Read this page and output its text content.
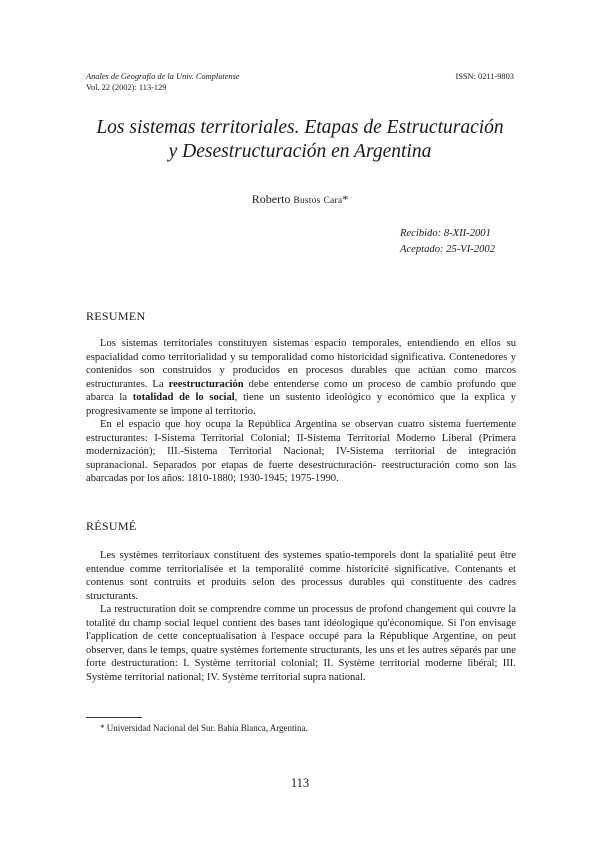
Anales de Geografía de la Univ. Complutense
Vol. 22 (2002): 113-129
ISSN: 0211-9803
Los sistemas territoriales. Etapas de Estructuración
y Desestructuración en Argentina
Roberto Bustos Cara*
Recibido: 8-XII-2001
Aceptado: 25-VI-2002
RESUMEN

Los sistemas territoriales constituyen sistemas espacio temporales, entendiendo en ellos su espacialidad como territorialidad y su temporalidad como historicidad significativa. Contenedores y contenidos son construidos y producidos en procesos durables que actúan como marcos estructurantes. La reestructuración debe entenderse como un proceso de cambio profundo que abarca la totalidad de lo social, tiene un sustento ideológico y económico que la explica y progresivamente se impone al territorio.

En el espacio que hoy ocupa la República Argentina se observan cuatro sistema fuertemente estructurantes: I-Sistema Territorial Colonial; II-Sistema Territorial Moderno Liberal (Primera modernización); III.-Sistema Territorial Nacional; IV-Sistema territorial de integración supranacional. Separados por etapas de fuerte desestructuración- reestructuración como son las abarcadas por los años: 1810-1880; 1930-1945; 1975-1990.

RÉSUMÉ

Les systèmes territoriaux constituent des systemes spatio-temporels dont la spatialité peut être entendue comme territorialisée et la temporalité comme historicité significative. Contenants et contenus sont contruits et produits selon des processus durables qui constituente des cadres structurants.

La restructuration doit se comprendre comme un processus de profond changement qui couvre la totalité du champ social lequel contient des bases tant idéologique qu'économique. Si l'on envisage l'application de cette conceptualisation à l'espace occupé para la République Argentine, on peut observer, dans le temps, quatre systèmes fortemente structurants, les uns et les autres séparés par une forte destructuration: I. Système territorial colonial; II. Système territorial moderne libéral; III. Système territorial national; IV. Système territorial supra national.

* Universidad Nacional del Sur. Bahía Blanca, Argentina.
113
